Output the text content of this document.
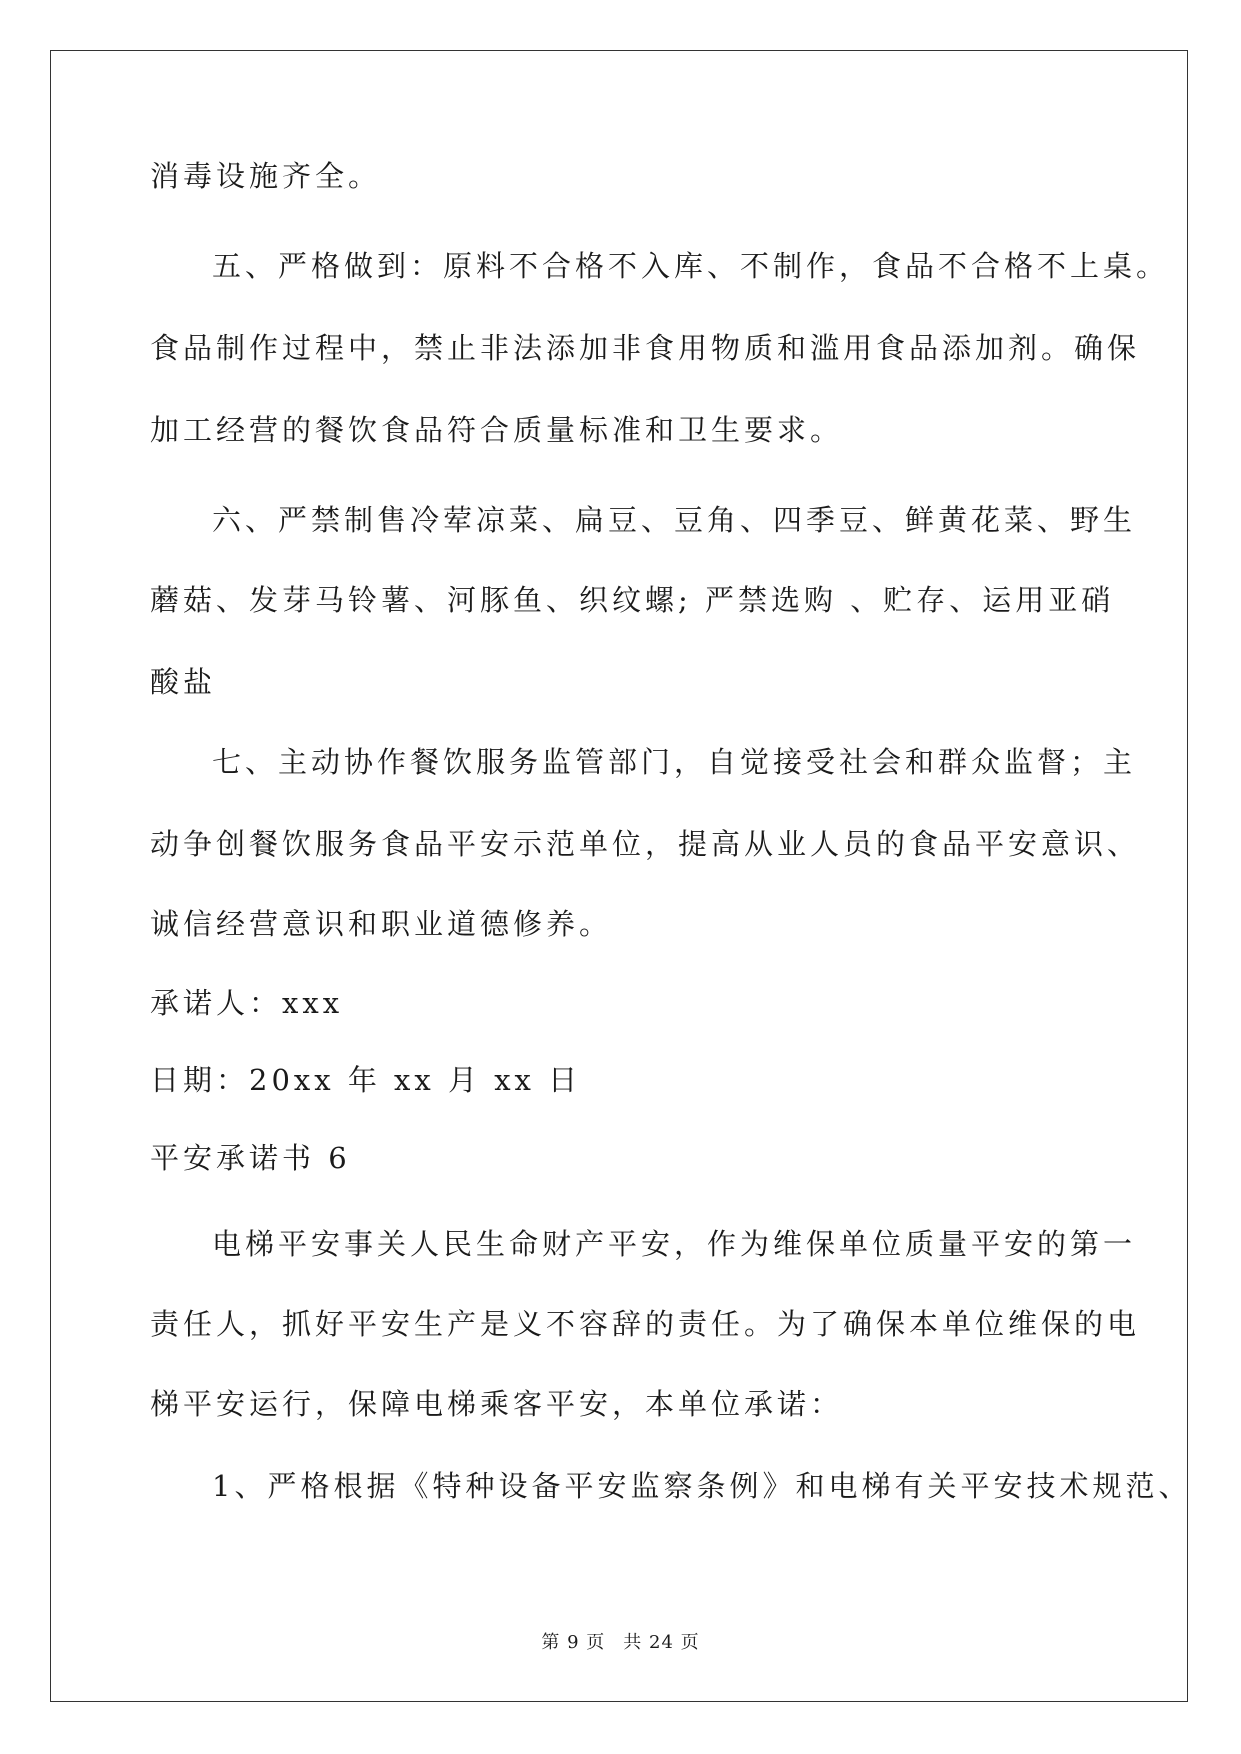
消毒设施齐全。
五、严格做到：原料不合格不入库、不制作，食品不合格不上桌。
食品制作过程中，禁止非法添加非食用物质和滥用食品添加剂。确保
加工经营的餐饮食品符合质量标准和卫生要求。
六、严禁制售冷荤凉菜、扁豆、豆角、四季豆、鲜黄花菜、野生
蘑菇、发芽马铃薯、河豚鱼、织纹螺; 严禁选购 、贮存、运用亚硝
酸盐
七、主动协作餐饮服务监管部门，自觉接受社会和群众监督；主
动争创餐饮服务食品平安示范单位，提高从业人员的食品平安意识、
诚信经营意识和职业道德修养。
承诺人：xxx
日期：20xx 年 xx 月 xx 日
平安承诺书 6
电梯平安事关人民生命财产平安，作为维保单位质量平安的第一
责任人，抓好平安生产是义不容辞的责任。为了确保本单位维保的电
梯平安运行，保障电梯乘客平安，本单位承诺：
1、严格根据《特种设备平安监察条例》和电梯有关平安技术规范、
第 9 页 共 24 页
